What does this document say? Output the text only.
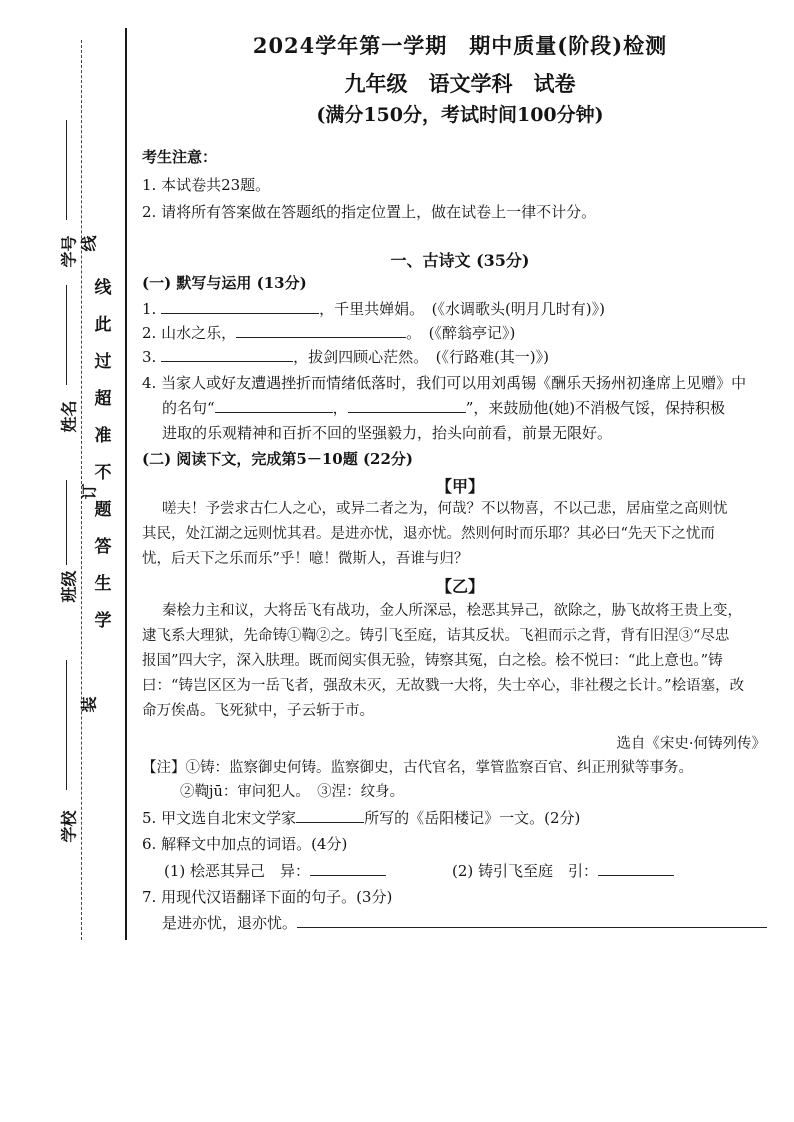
学号 线
姓名
订
班级
装
学校
线
此
过
超
准
不
题
答
生
学
2024学年第一学期　期中质量(阶段)检测
九年级　语文学科　试卷
(满分150分，考试时间100分钟)
考生注意：
1. 本试卷共23题。
2. 请将所有答案做在答题纸的指定位置上，做在试卷上一律不计分。
一、古诗文 (35分)
(一) 默写与运用 (13分)
1.	，千里共婵娟。　(《水调歌头(明月几时有)》)
2. 山水之乐，	。　(《醉翁亭记》)
3.	，拔剑四顾心茫然。　(《行路难(其一)》)
4. 当家人或好友遭遇挫折而情绪低落时，我们可以用刘禹锡《酬乐天扬州初逢席上见赠》中
的名句“	，	”，来鼓励他(她)不消极气馁，保持积极
进取的乐观精神和百折不回的坚强毅力，抬头向前看，前景无限好。
(二) 阅读下文，完成第5－10题 (22分)
【甲】
嗟夫！予尝求古仁人之心，或异二者之为，何哉？不以物喜，不以己悲，居庙堂之高则忧
其民，处江湖之远则忧其君。是进亦忧，退亦忧。然则何时而乐耶？其必曰“先天下之忧而
忧，后天下之乐而乐”乎！噫！微斯人，吾谁与归？
【乙】
秦桧力主和议，大将岳飞有战功，金人所深忌，桧恶其异己，欲除之，胁飞故将王贵上变，
逮飞系大理狱，先命铸①鞫②之。铸引飞至庭，诘其反状。飞袒而示之背，背有旧涅③“尽忠
报国”四大字，深入肤理。既而阅实俱无验，铸察其冤，白之桧。桧不悦曰：“此上意也。”铸
曰：“铸岂区区为一岳飞者，强敌未灭，无故戮一大将，失士卒心，非社稷之长计。”桧语塞，改
命万俟卨。飞死狱中，子云斩于市。
选自《宋史·何铸列传》
【注】①铸：监察御史何铸。监察御史，古代官名，掌管监察百官、纠正刑狱等事务。
②鞫jū：审问犯人。　③涅：纹身。
5. 甲文选自北宋文学家	所写的《岳阳楼记》一文。(2分)
6. 解释文中加点的词语。(4分)
(1) 桧恶其异己　异：	(2) 铸引飞至庭　引：
7. 用现代汉语翻译下面的句子。(3分)
是进亦忧，退亦忧。
